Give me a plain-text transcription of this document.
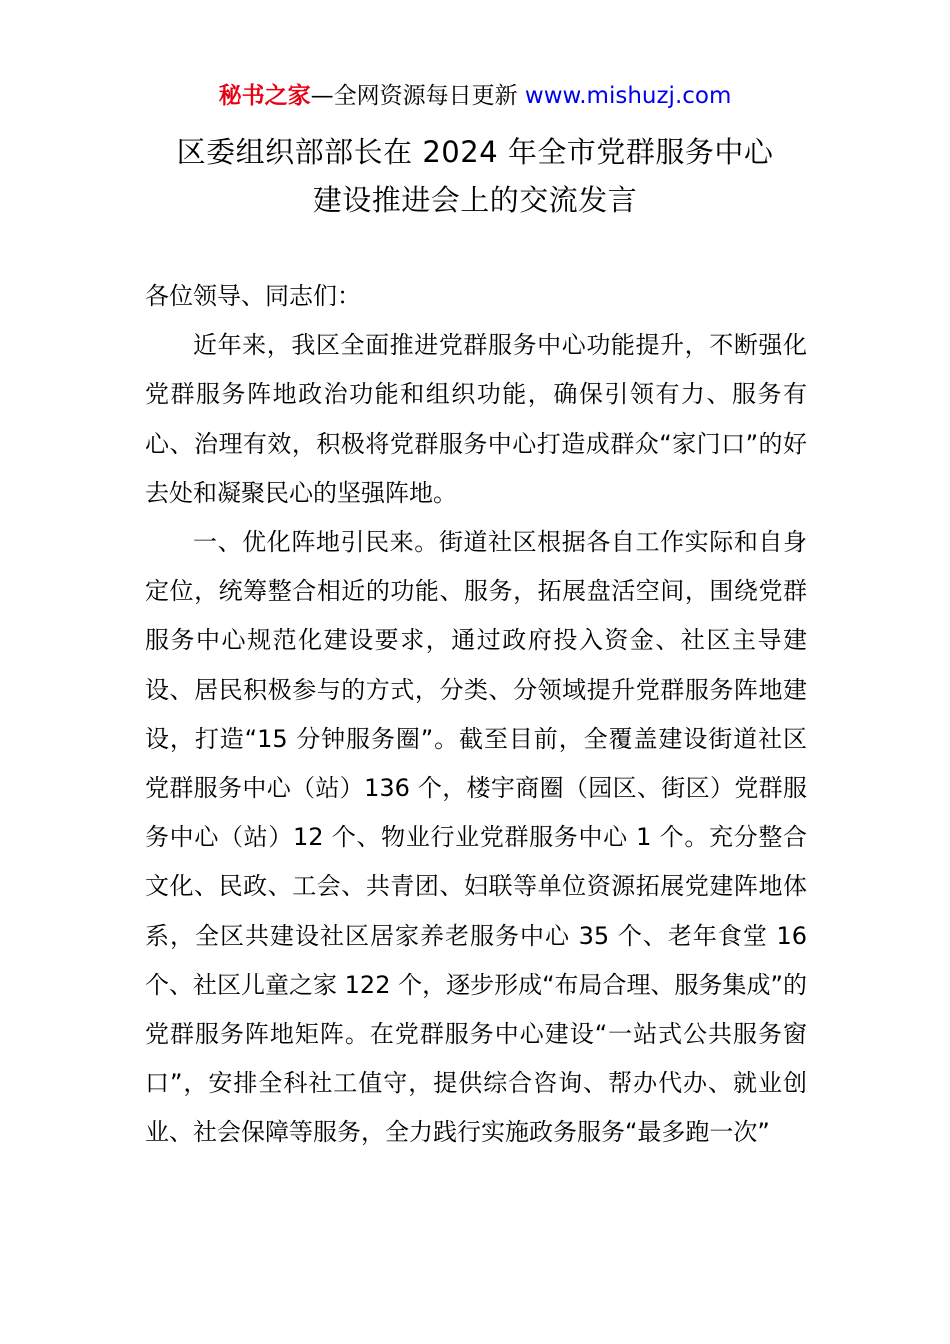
秘书之家—全网资源每日更新 www.mishuzj.com
区委组织部部长在 2024 年全市党群服务中心
建设推进会上的交流发言

各位领导、同志们：

近年来，我区全面推进党群服务中心功能提升，不断强化党群服务阵地政治功能和组织功能，确保引领有力、服务有心、治理有效，积极将党群服务中心打造成群众“家门口”的好去处和凝聚民心的坚强阵地。

一、优化阵地引民来。街道社区根据各自工作实际和自身定位，统筹整合相近的功能、服务，拓展盘活空间，围绕党群服务中心规范化建设要求，通过政府投入资金、社区主导建设、居民积极参与的方式，分类、分领域提升党群服务阵地建设，打造“15 分钟服务圈”。截至目前，全覆盖建设街道社区党群服务中心（站）136 个，楼宇商圈（园区、街区）党群服务中心（站）12 个、物业行业党群服务中心 1 个。充分整合文化、民政、工会、共青团、妇联等单位资源拓展党建阵地体系，全区共建设社区居家养老服务中心 35 个、老年食堂 16 个、社区儿童之家 122 个，逐步形成“布局合理、服务集成”的党群服务阵地矩阵。在党群服务中心建设“一站式公共服务窗口”，安排全科社工值守，提供综合咨询、帮办代办、就业创业、社会保障等服务，全力践行实施政务服务“最多跑一次”
